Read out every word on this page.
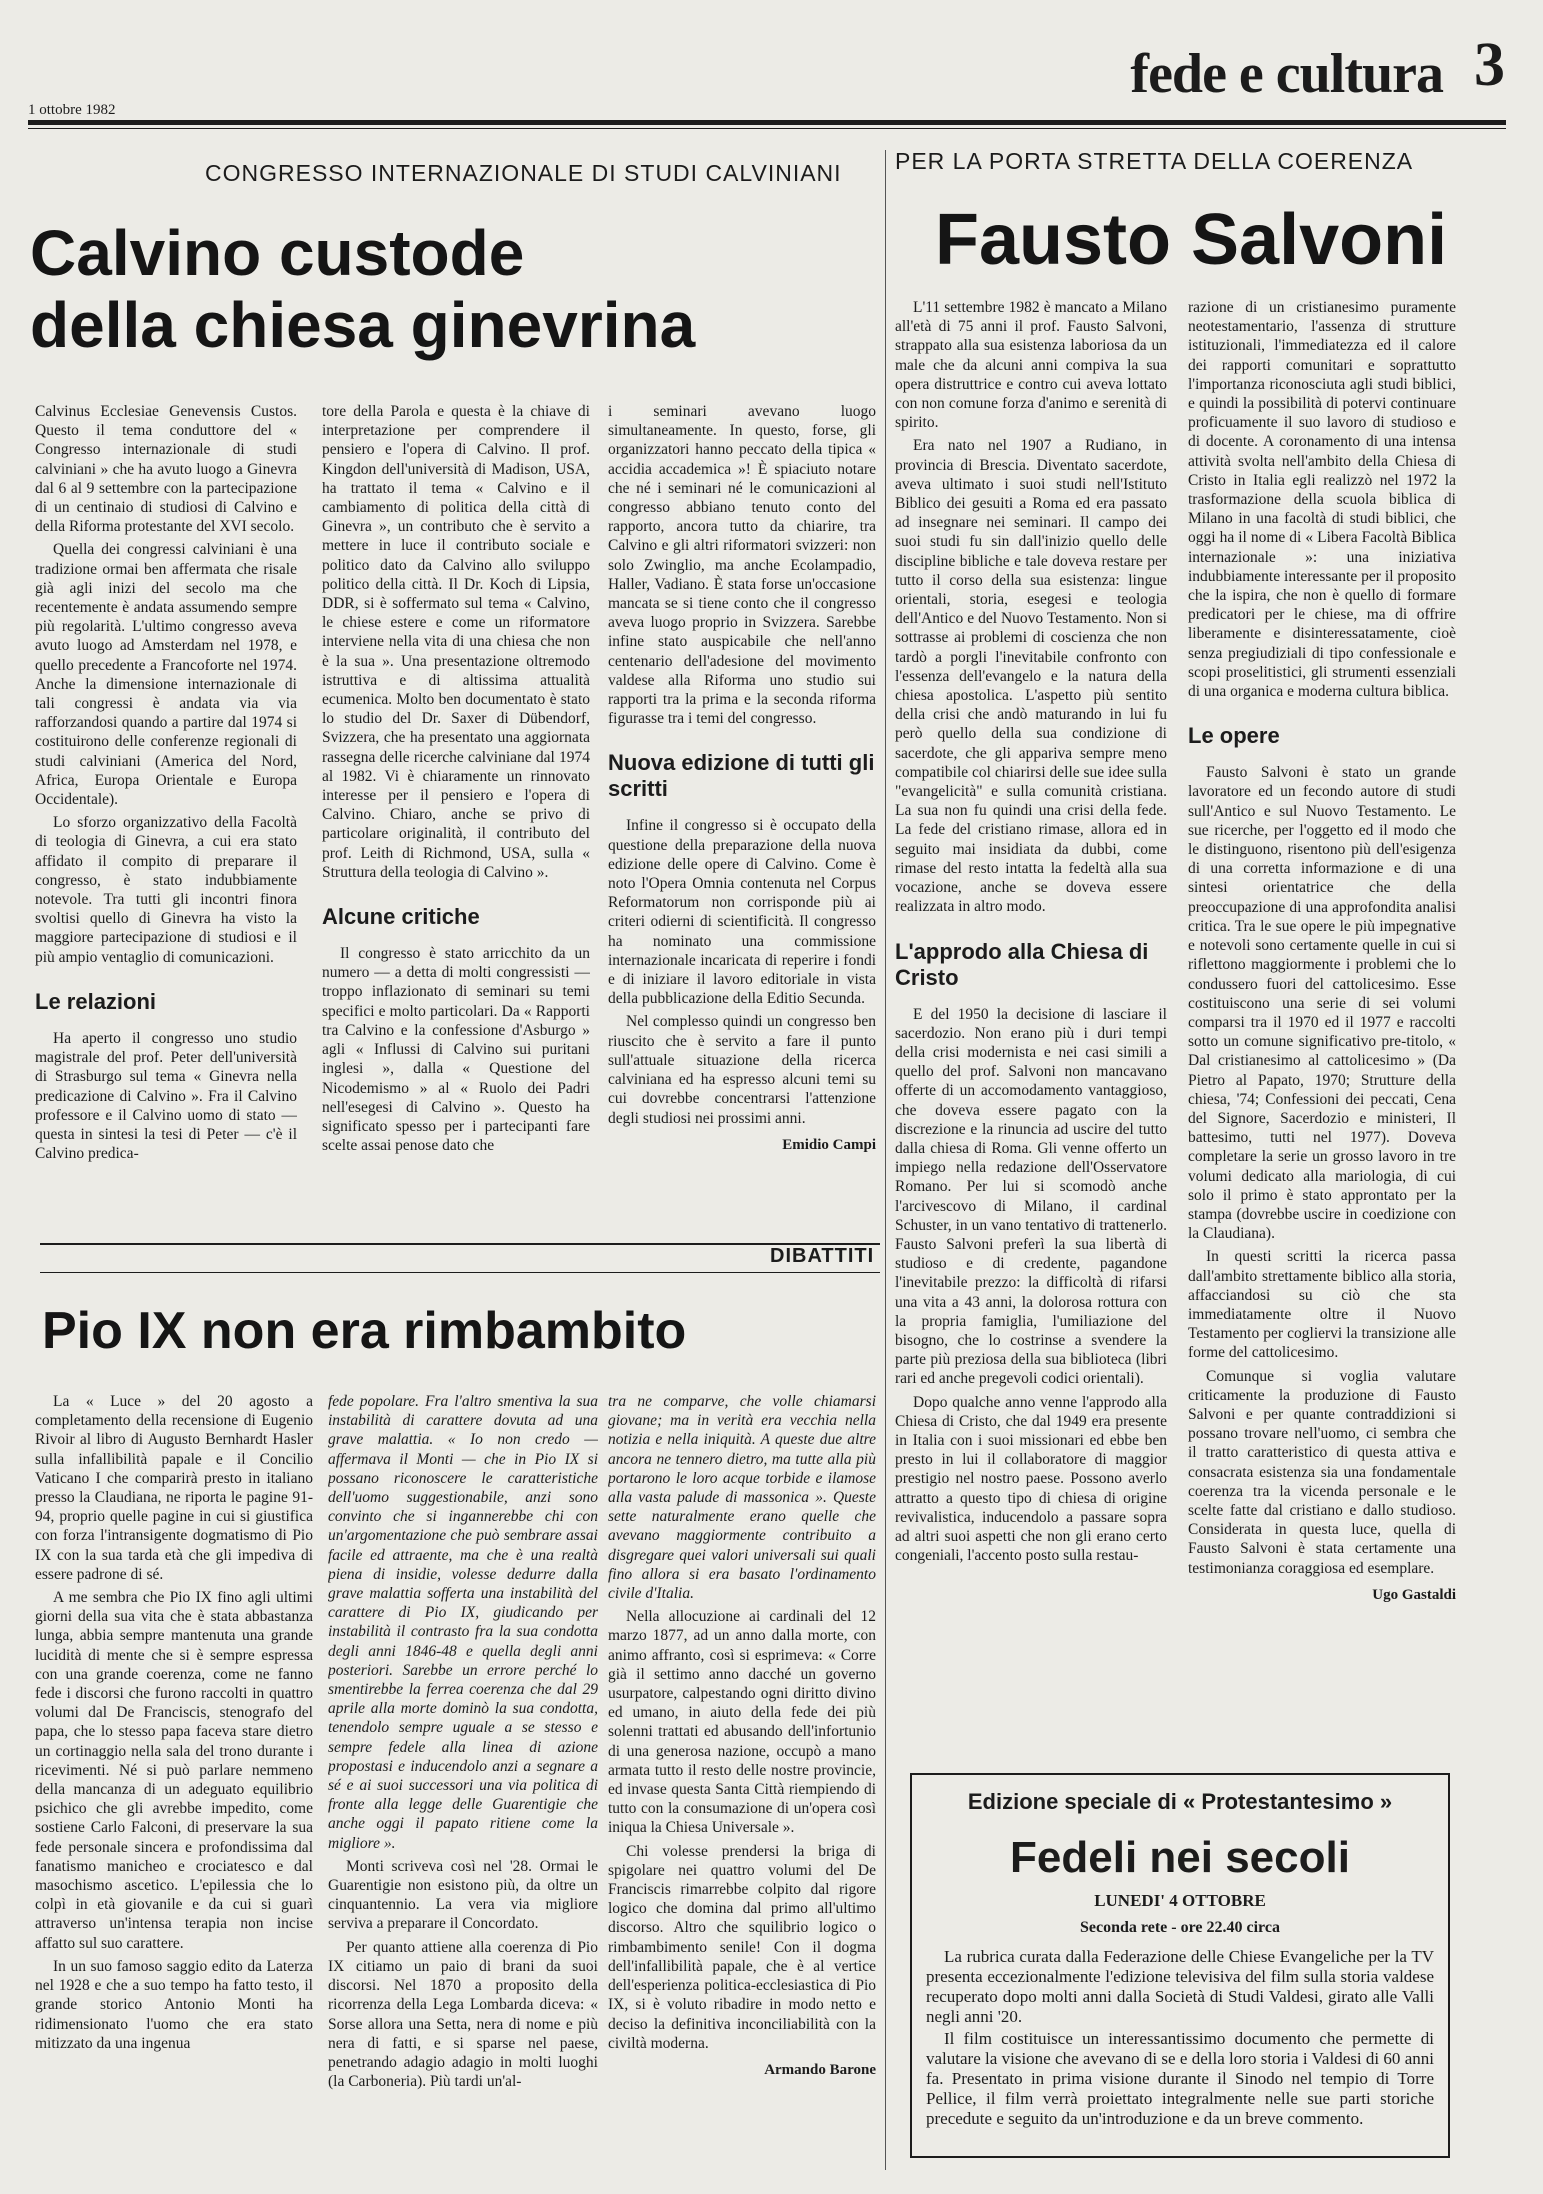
fede e cultura 3
1 ottobre 1982
CONGRESSO INTERNAZIONALE DI STUDI CALVINIANI PER LA PORTA STRETTA DELLA COERENZA
Calvino custode
della chiesa ginevrina
Fausto Salvoni

Calvinus Ecclesiae Genevensis Custos. Questo il tema conduttore del « Congresso internazionale di studi calviniani » che ha avuto luogo a Ginevra dal 6 al 9 settembre con la partecipazione di un centinaio di studiosi di Calvino e della Riforma protestante del XVI secolo.

Quella dei congressi calviniani è una tradizione ormai ben affermata che risale già agli inizi del secolo ma che recentemente è andata assumendo sempre più regolarità. L'ultimo congresso aveva avuto luogo ad Amsterdam nel 1978, e quello precedente a Francoforte nel 1974. Anche la dimensione internazionale di tali congressi è andata via via rafforzandosi quando a partire dal 1974 si costituirono delle conferenze regionali di studi calviniani (America del Nord, Africa, Europa Orientale e Europa Occidentale).

Lo sforzo organizzativo della Facoltà di teologia di Ginevra, a cui era stato affidato il compito di preparare il congresso, è stato indubbiamente notevole. Tra tutti gli incontri finora svoltisi quello di Ginevra ha visto la maggiore partecipazione di studiosi e il più ampio ventaglio di comunicazioni.

Le relazioni

Ha aperto il congresso uno studio magistrale del prof. Peter dell'università di Strasburgo sul tema « Ginevra nella predicazione di Calvino ». Fra il Calvino professore e il Calvino uomo di stato — questa in sintesi la tesi di Peter — c'è il Calvino predica-

tore della Parola e questa è la chiave di interpretazione per comprendere il pensiero e l'opera di Calvino. Il prof. Kingdon dell'università di Madison, USA, ha trattato il tema « Calvino e il cambiamento di politica della città di Ginevra », un contributo che è servito a mettere in luce il contributo sociale e politico dato da Calvino allo sviluppo politico della città. Il Dr. Koch di Lipsia, DDR, si è soffermato sul tema « Calvino, le chiese estere e come un riformatore interviene nella vita di una chiesa che non è la sua ». Una presentazione oltremodo istruttiva e di altissima attualità ecumenica. Molto ben documentato è stato lo studio del Dr. Saxer di Dübendorf, Svizzera, che ha presentato una aggiornata rassegna delle ricerche calviniane dal 1974 al 1982. Vi è chiaramente un rinnovato interesse per il pensiero e l'opera di Calvino. Chiaro, anche se privo di particolare originalità, il contributo del prof. Leith di Richmond, USA, sulla « Struttura della teologia di Calvino ».

Alcune critiche

Il congresso è stato arricchito da un numero — a detta di molti congressisti — troppo inflazionato di seminari su temi specifici e molto particolari. Da « Rapporti tra Calvino e la confessione d'Asburgo » agli « Influssi di Calvino sui puritani inglesi », dalla « Questione del Nicodemismo » al « Ruolo dei Padri nell'esegesi di Calvino ». Questo ha significato spesso per i partecipanti fare scelte assai penose dato che

i seminari avevano luogo simultaneamente. In questo, forse, gli organizzatori hanno peccato della tipica « accidia accademica »! È spiaciuto notare che né i seminari né le comunicazioni al congresso abbiano tenuto conto del rapporto, ancora tutto da chiarire, tra Calvino e gli altri riformatori svizzeri: non solo Zwinglio, ma anche Ecolampadio, Haller, Vadiano. È stata forse un'occasione mancata se si tiene conto che il congresso aveva luogo proprio in Svizzera. Sarebbe infine stato auspicabile che nell'anno centenario dell'adesione del movimento valdese alla Riforma uno studio sui rapporti tra la prima e la seconda riforma figurasse tra i temi del congresso.

Nuova edizione di tutti gli scritti

Infine il congresso si è occupato della questione della preparazione della nuova edizione delle opere di Calvino. Come è noto l'Opera Omnia contenuta nel Corpus Reformatorum non corrisponde più ai criteri odierni di scientificità. Il congresso ha nominato una commissione internazionale incaricata di reperire i fondi e di iniziare il lavoro editoriale in vista della pubblicazione della Editio Secunda.

Nel complesso quindi un congresso ben riuscito che è servito a fare il punto sull'attuale situazione della ricerca calviniana ed ha espresso alcuni temi su cui dovrebbe concentrarsi l'attenzione degli studiosi nei prossimi anni.

Emidio Campi
DIBATTITI
Pio IX non era rimbambito

La « Luce » del 20 agosto a completamento della recensione di Eugenio Rivoir al libro di Augusto Bernhardt Hasler sulla infallibilità papale e il Concilio Vaticano I che comparirà presto in italiano presso la Claudiana, ne riporta le pagine 91-94, proprio quelle pagine in cui si giustifica con forza l'intransigente dogmatismo di Pio IX con la sua tarda età che gli impediva di essere padrone di sé.

A me sembra che Pio IX fino agli ultimi giorni della sua vita che è stata abbastanza lunga, abbia sempre mantenuta una grande lucidità di mente che si è sempre espressa con una grande coerenza, come ne fanno fede i discorsi che furono raccolti in quattro volumi dal De Franciscis, stenografo del papa, che lo stesso papa faceva stare dietro un cortinaggio nella sala del trono durante i ricevimenti. Né si può parlare nemmeno della mancanza di un adeguato equilibrio psichico che gli avrebbe impedito, come sostiene Carlo Falconi, di preservare la sua fede personale sincera e profondissima dal fanatismo manicheo e crociatesco e dal masochismo ascetico. L'epilessia che lo colpì in età giovanile e da cui si guarì attraverso un'intensa terapia non incise affatto sul suo carattere.

In un suo famoso saggio edito da Laterza nel 1928 e che a suo tempo ha fatto testo, il grande storico Antonio Monti ha ridimensionato l'uomo che era stato mitizzato da una ingenua

fede popolare. Fra l'altro smentiva la sua instabilità di carattere dovuta ad una grave malattia. « Io non credo — affermava il Monti — che in Pio IX si possano riconoscere le caratteristiche dell'uomo suggestionabile, anzi sono convinto che si ingannerebbe chi con un'argomentazione che può sembrare assai facile ed attraente, ma che è una realtà piena di insidie, volesse dedurre dalla grave malattia sofferta una instabilità del carattere di Pio IX, giudicando per instabilità il contrasto fra la sua condotta degli anni 1846-48 e quella degli anni posteriori. Sarebbe un errore perché lo smentirebbe la ferrea coerenza che dal 29 aprile alla morte dominò la sua condotta, tenendolo sempre uguale a se stesso e sempre fedele alla linea di azione propostasi e inducendolo anzi a segnare a sé e ai suoi successori una via politica di fronte alla legge delle Guarentigie che anche oggi il papato ritiene come la migliore ».

Monti scriveva così nel '28. Ormai le Guarentigie non esistono più, da oltre un cinquantennio. La vera via migliore serviva a preparare il Concordato.

Per quanto attiene alla coerenza di Pio IX citiamo un paio di brani da suoi discorsi. Nel 1870 a proposito della ricorrenza della Lega Lombarda diceva: « Sorse allora una Setta, nera di nome e più nera di fatti, e si sparse nel paese, penetrando adagio adagio in molti luoghi (la Carboneria). Più tardi un'al-

tra ne comparve, che volle chiamarsi giovane; ma in verità era vecchia nella notizia e nella iniquità. A queste due altre ancora ne tennero dietro, ma tutte alla più portarono le loro acque torbide e ilamose alla vasta palude di massonica ». Queste sette naturalmente erano quelle che avevano maggiormente contribuito a disgregare quei valori universali sui quali fino allora si era basato l'ordinamento civile d'Italia.

Nella allocuzione ai cardinali del 12 marzo 1877, ad un anno dalla morte, con animo affranto, così si esprimeva: « Corre già il settimo anno dacché un governo usurpatore, calpestando ogni diritto divino ed umano, in aiuto della fede dei più solenni trattati ed abusando dell'infortunio di una generosa nazione, occupò a mano armata tutto il resto delle nostre provincie, ed invase questa Santa Città riempiendo di tutto con la consumazione di un'opera così iniqua la Chiesa Universale ».

Chi volesse prendersi la briga di spigolare nei quattro volumi del De Franciscis rimarrebbe colpito dal rigore logico che domina dal primo all'ultimo discorso. Altro che squilibrio logico o rimbambimento senile! Con il dogma dell'infallibilità papale, che è al vertice dell'esperienza politica-ecclesiastica di Pio IX, si è voluto ribadire in modo netto e deciso la definitiva inconciliabilità con la civiltà moderna.

Armando Barone

L'11 settembre 1982 è mancato a Milano all'età di 75 anni il prof. Fausto Salvoni, strappato alla sua esistenza laboriosa da un male che da alcuni anni compiva la sua opera distruttrice e contro cui aveva lottato con non comune forza d'animo e serenità di spirito.

Era nato nel 1907 a Rudiano, in provincia di Brescia. Diventato sacerdote, aveva ultimato i suoi studi nell'Istituto Biblico dei gesuiti a Roma ed era passato ad insegnare nei seminari. Il campo dei suoi studi fu sin dall'inizio quello delle discipline bibliche e tale doveva restare per tutto il corso della sua esistenza: lingue orientali, storia, esegesi e teologia dell'Antico e del Nuovo Testamento. Non si sottrasse ai problemi di coscienza che non tardò a porgli l'inevitabile confronto con l'essenza dell'evangelo e la natura della chiesa apostolica. L'aspetto più sentito della crisi che andò maturando in lui fu però quello della sua condizione di sacerdote, che gli appariva sempre meno compatibile col chiarirsi delle sue idee sulla "evangelicità" e sulla comunità cristiana. La sua non fu quindi una crisi della fede. La fede del cristiano rimase, allora ed in seguito mai insidiata da dubbi, come rimase del resto intatta la fedeltà alla sua vocazione, anche se doveva essere realizzata in altro modo.

L'approdo alla Chiesa di Cristo

E del 1950 la decisione di lasciare il sacerdozio. Non erano più i duri tempi della crisi modernista e nei casi simili a quello del prof. Salvoni non mancavano offerte di un accomodamento vantaggioso, che doveva essere pagato con la discrezione e la rinuncia ad uscire del tutto dalla chiesa di Roma. Gli venne offerto un impiego nella redazione dell'Osservatore Romano. Per lui si scomodò anche l'arcivescovo di Milano, il cardinal Schuster, in un vano tentativo di trattenerlo. Fausto Salvoni preferì la sua libertà di studioso e di credente, pagandone l'inevitabile prezzo: la difficoltà di rifarsi una vita a 43 anni, la dolorosa rottura con la propria famiglia, l'umiliazione del bisogno, che lo costrinse a svendere la parte più preziosa della sua biblioteca (libri rari ed anche pregevoli codici orientali).

Dopo qualche anno venne l'approdo alla Chiesa di Cristo, che dal 1949 era presente in Italia con i suoi missionari ed ebbe ben presto in lui il collaboratore di maggior prestigio nel nostro paese. Possono averlo attratto a questo tipo di chiesa di origine revivalistica, inducendolo a passare sopra ad altri suoi aspetti che non gli erano certo congeniali, l'accento posto sulla restau-

razione di un cristianesimo puramente neotestamentario, l'assenza di strutture istituzionali, l'immediatezza ed il calore dei rapporti comunitari e soprattutto l'importanza riconosciuta agli studi biblici, e quindi la possibilità di potervi continuare proficuamente il suo lavoro di studioso e di docente. A coronamento di una intensa attività svolta nell'ambito della Chiesa di Cristo in Italia egli realizzò nel 1972 la trasformazione della scuola biblica di Milano in una facoltà di studi biblici, che oggi ha il nome di « Libera Facoltà Biblica internazionale »: una iniziativa indubbiamente interessante per il proposito che la ispira, che non è quello di formare predicatori per le chiese, ma di offrire liberamente e disinteressatamente, cioè senza pregiudiziali di tipo confessionale e scopi proselitistici, gli strumenti essenziali di una organica e moderna cultura biblica.

Le opere

Fausto Salvoni è stato un grande lavoratore ed un fecondo autore di studi sull'Antico e sul Nuovo Testamento. Le sue ricerche, per l'oggetto ed il modo che le distinguono, risentono più dell'esigenza di una corretta informazione e di una sintesi orientatrice che della preoccupazione di una approfondita analisi critica. Tra le sue opere le più impegnative e notevoli sono certamente quelle in cui si riflettono maggiormente i problemi che lo condussero fuori del cattolicesimo. Esse costituiscono una serie di sei volumi comparsi tra il 1970 ed il 1977 e raccolti sotto un comune significativo pre-titolo, « Dal cristianesimo al cattolicesimo » (Da Pietro al Papato, 1970; Strutture della chiesa, '74; Confessioni dei peccati, Cena del Signore, Sacerdozio e ministeri, Il battesimo, tutti nel 1977). Doveva completare la serie un grosso lavoro in tre volumi dedicato alla mariologia, di cui solo il primo è stato approntato per la stampa (dovrebbe uscire in coedizione con la Claudiana).

In questi scritti la ricerca passa dall'ambito strettamente biblico alla storia, affacciandosi su ciò che sta immediatamente oltre il Nuovo Testamento per cogliervi la transizione alle forme del cattolicesimo.

Comunque si voglia valutare criticamente la produzione di Fausto Salvoni e per quante contraddizioni si possano trovare nell'uomo, ci sembra che il tratto caratteristico di questa attiva e consacrata esistenza sia una fondamentale coerenza tra la vicenda personale e le scelte fatte dal cristiano e dallo studioso. Considerata in questa luce, quella di Fausto Salvoni è stata certamente una testimonianza coraggiosa ed esemplare.

Ugo Gastaldi
Edizione speciale di « Protestantesimo »
Fedeli nei secoli
LUNEDI' 4 OTTOBRE
Seconda rete - ore 22.40 circa

La rubrica curata dalla Federazione delle Chiese Evangeliche per la TV presenta eccezionalmente l'edizione televisiva del film sulla storia valdese recuperato dopo molti anni dalla Società di Studi Valdesi, girato alle Valli negli anni '20.

Il film costituisce un interessantissimo documento che permette di valutare la visione che avevano di se e della loro storia i Valdesi di 60 anni fa. Presentato in prima visione durante il Sinodo nel tempio di Torre Pellice, il film verrà proiettato integralmente nelle sue parti storiche precedute e seguito da un'introduzione e da un breve commento.
